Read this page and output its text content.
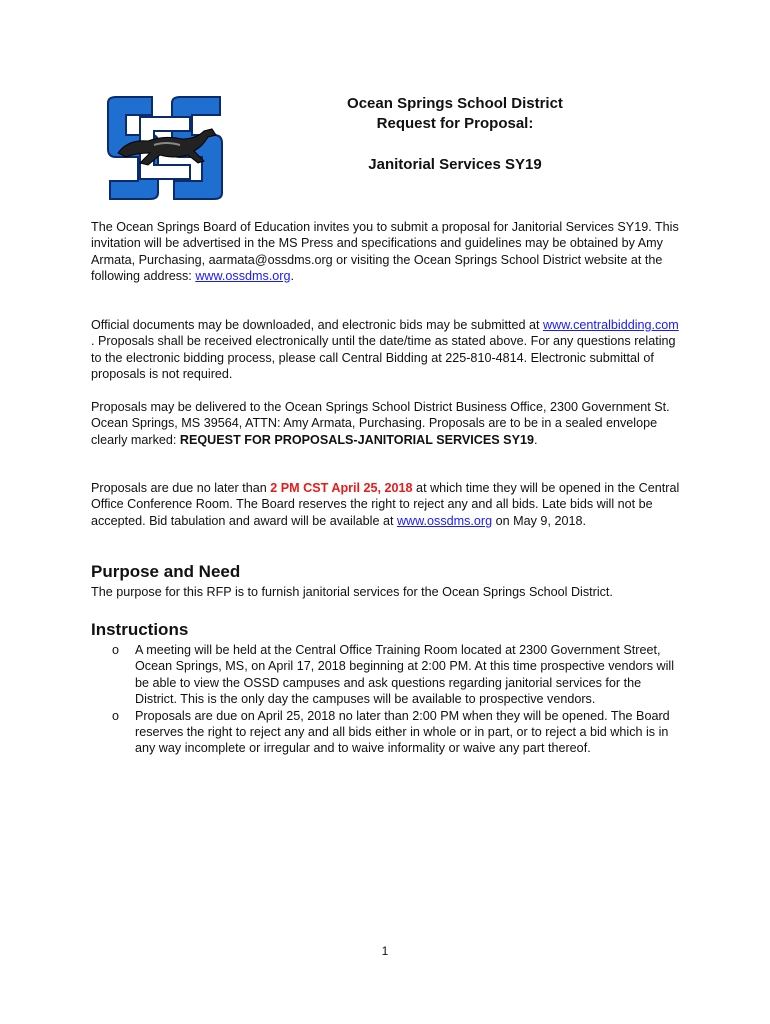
Ocean Springs School District
Request for Proposal:
Janitorial Services SY19

The Ocean Springs Board of Education invites you to submit a proposal for Janitorial Services SY19. This invitation will be advertised in the MS Press and specifications and guidelines may be obtained by Amy Armata, Purchasing, aarmata@ossdms.org or visiting the Ocean Springs School District website at the following address: www.ossdms.org.

Official documents may be downloaded, and electronic bids may be submitted at www.centralbidding.com . Proposals shall be received electronically until the date/time as stated above. For any questions relating to the electronic bidding process, please call Central Bidding at 225-810-4814. Electronic submittal of proposals is not required.

Proposals may be delivered to the Ocean Springs School District Business Office, 2300 Government St. Ocean Springs, MS 39564, ATTN: Amy Armata, Purchasing. Proposals are to be in a sealed envelope clearly marked: REQUEST FOR PROPOSALS-JANITORIAL SERVICES SY19.

Proposals are due no later than 2 PM CST April 25, 2018 at which time they will be opened in the Central Office Conference Room. The Board reserves the right to reject any and all bids. Late bids will not be accepted. Bid tabulation and award will be available at www.ossdms.org on May 9, 2018.

Purpose and Need

The purpose for this RFP is to furnish janitorial services for the Ocean Springs School District.

Instructions
o A meeting will be held at the Central Office Training Room located at 2300 Government Street, Ocean Springs, MS, on April 17, 2018 beginning at 2:00 PM. At this time prospective vendors will be able to view the OSSD campuses and ask questions regarding janitorial services for the District. This is the only day the campuses will be available to prospective vendors.
o Proposals are due on April 25, 2018 no later than 2:00 PM when they will be opened. The Board reserves the right to reject any and all bids either in whole or in part, or to reject a bid which is in any way incomplete or irregular and to waive informality or waive any part thereof.
1
